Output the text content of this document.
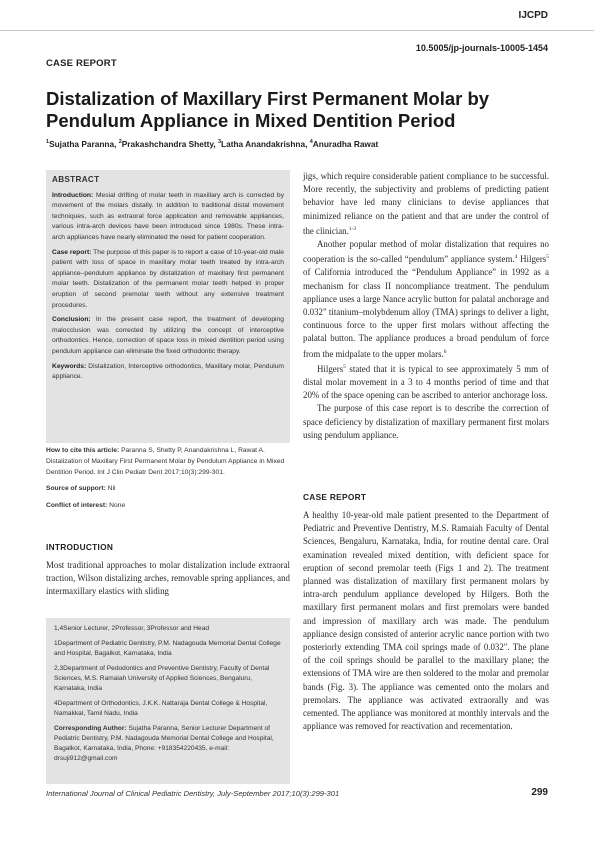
IJCPD
10.5005/jp-journals-10005-1454
CASE REPORT
Distalization of Maxillary First Permanent Molar by
Pendulum Appliance in Mixed Dentition Period
$^1$Sujatha Paranna, $^2$Prakashchandra Shetty, $^3$Latha Anandakrishna, $^4$Anuradha Rawat
ABSTRACT

Introduction: Mesial drifting of molar teeth in maxillary arch is corrected by movement of the molars distally. In addition to traditional distal movement techniques, such as extraoral force application and removable appliances, various intra-arch devices have been introduced since 1980s. These intra-arch appliances have nearly eliminated the need for patient cooperation.

Case report: The purpose of this paper is to report a case of 10-year-old male patient with loss of space in maxillary molar teeth treated by intra-arch appliance–pendulum appliance by distalization of maxillary first permanent molar teeth. Distalization of the permanent molar teeth helped in proper eruption of second premolar teeth without any extensive treatment procedures.

Conclusion: In the present case report, the treatment of developing malocclusion was corrected by utilizing the concept of interceptive orthodontics. Hence, correction of space loss in mixed dentition period using pendulum appliance can eliminate the fixed orthodontic therapy.

Keywords: Distalization, Interceptive orthodontics, Maxillary molar, Pendulum appliance.

How to cite this article: Paranna S, Shetty P, Anandakrishna L, Rawat A. Distalization of Maxillary First Permanent Molar by Pendulum Appliance in Mixed Dentition Period. Int J Clin Pediatr Dent 2017;10(3):299-301.

Source of support: Nil

Conflict of interest: None

INTRODUCTION

Most traditional approaches to molar distalization include extraoral traction, Wilson distalizing arches, removable spring appliances, and intermaxillary elastics with sliding

1,4Senior Lecturer, 2Professor, 3Professor and Head

1Department of Pediatric Dentistry, P.M. Nadagouda Memorial Dental College and Hospital, Bagalkot, Karnataka, India

2,3Department of Pedodontics and Preventive Dentistry, Faculty of Dental Sciences, M.S. Ramaiah University of Applied Sciences, Bengaluru, Karnataka, India

4Department of Orthodontics, J.K.K. Nattaraja Dental College & Hospital, Namakkal, Tamil Nadu, India

Corresponding Author: Sujatha Paranna, Senior Lecturer Department of Pediatric Dentistry, P.M. Nadagouda Memorial Dental College and Hospital, Bagalkot, Karnataka, India, Phone: +918354220435, e-mail: drsuji912@gmail.com

jigs, which require considerable patient compliance to be successful. More recently, the subjectivity and problems of predicting patient behavior have led many clinicians to devise appliances that minimized reliance on the patient and that are under the control of the clinician.$^{1-3}$

Another popular method of molar distalization that requires no cooperation is the so-called “pendulum” appliance system.$^4$ Hilgers$^5$ of California introduced the “Pendulum Appliance” in 1992 as a mechanism for class II noncompliance treatment. The pendulum appliance uses a large Nance acrylic button for palatal anchorage and 0.032" titanium–molybdenum alloy (TMA) springs to deliver a light, continuous force to the upper first molars without affecting the palatal button. The appliance produces a broad pendulum of force from the midpalate to the upper molars.$^6$

Hilgers$^5$ stated that it is typical to see approximately 5 mm of distal molar movement in a 3 to 4 months period of time and that 20% of the space opening can be ascribed to anterior anchorage loss.

The purpose of this case report is to describe the correction of space deficiency by distalization of maxillary permanent first molars using pendulum appliance.

CASE REPORT

A healthy 10-year-old male patient presented to the Department of Pediatric and Preventive Dentistry, M.S. Ramaiah Faculty of Dental Sciences, Bengaluru, Karnataka, India, for routine dental care. Oral examination revealed mixed dentition, with deficient space for eruption of second premolar teeth (Figs 1 and 2). The treatment planned was distalization of maxillary first permanent molars by intra-arch pendulum appliance developed by Hilgers. Both the maxillary first permanent molars and first premolars were banded and impression of maxillary arch was made. The pendulum appliance design consisted of anterior acrylic nance portion with two posteriorly extending TMA coil springs made of 0.032". The plane of the coil springs should be parallel to the maxillary plane; the extensions of TMA wire are then soldered to the molar and premolar bands (Fig. 3). The appliance was cemented onto the molars and premolars. The appliance was activated extraorally and was cemented. The appliance was monitored at monthly intervals and the appliance was removed for reactivation and recementation.

International Journal of Clinical Pediatric Dentistry, July-September 2017;10(3):299-301	299
